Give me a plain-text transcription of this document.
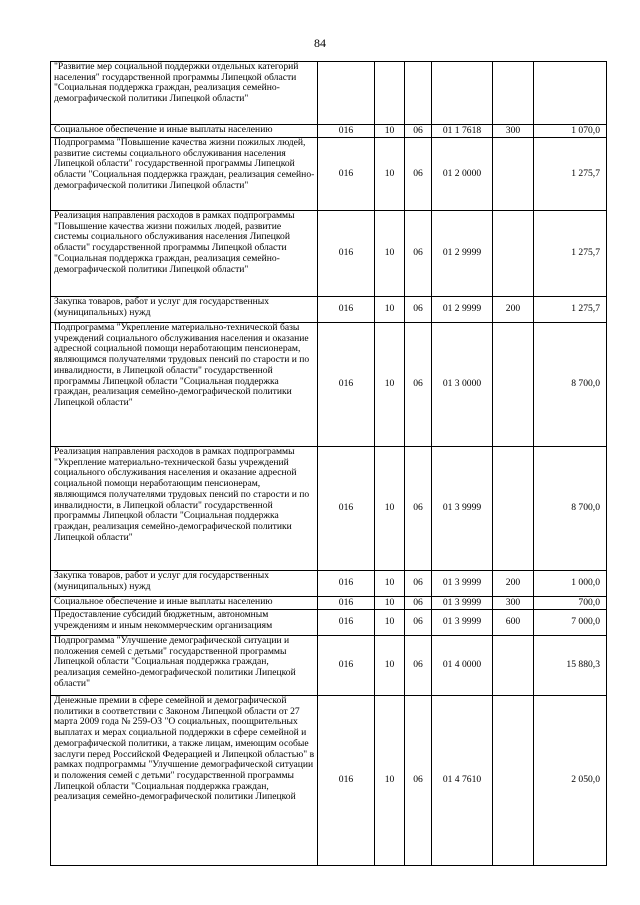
84
"Развитие мер социальной поддержки отдельных категорий населения" государственной программы Липецкой области "Социальная поддержка граждан, реализация семейно-демографической политики Липецкой области"						
Социальное обеспечение и иные выплаты населению	016	10	06	01 1 7618	300	1 070,0
Подпрограмма "Повышение качества жизни пожилых людей, развитие системы социального обслуживания населения Липецкой области" государственной программы Липецкой области "Социальная поддержка граждан, реализация семейно-демографической политики Липецкой области"	016	10	06	01 2 0000		1 275,7
Реализация направления расходов в рамках подпрограммы "Повышение качества жизни пожилых людей, развитие системы социального обслуживания населения Липецкой области" государственной программы Липецкой области "Социальная поддержка граждан, реализация семейно-демографической политики Липецкой области"	016	10	06	01 2 9999		1 275,7
Закупка товаров, работ и услуг для государственных (муниципальных) нужд	016	10	06	01 2 9999	200	1 275,7
Подпрограмма "Укрепление материально-технической базы учреждений социального обслуживания населения и оказание адресной социальной помощи неработающим пенсионерам, являющимся получателями трудовых пенсий по старости и по инвалидности, в Липецкой области" государственной программы Липецкой области "Социальная поддержка граждан, реализация семейно-демографической политики Липецкой области"	016	10	06	01 3 0000		8 700,0
Реализация направления расходов в рамках подпрограммы "Укрепление материально-технической базы учреждений социального обслуживания населения и оказание адресной социальной помощи неработающим пенсионерам, являющимся получателями трудовых пенсий по старости и по инвалидности, в Липецкой области" государственной программы Липецкой области "Социальная поддержка граждан, реализация семейно-демографической политики Липецкой области"	016	10	06	01 3 9999		8 700,0
Закупка товаров, работ и услуг для государственных (муниципальных) нужд	016	10	06	01 3 9999	200	1 000,0
Социальное обеспечение и иные выплаты населению	016	10	06	01 3 9999	300	700,0
Предоставление субсидий бюджетным, автономным учреждениям и иным некоммерческим организациям	016	10	06	01 3 9999	600	7 000,0
Подпрограмма "Улучшение демографической ситуации и положения семей с детьми" государственной программы Липецкой области "Социальная поддержка граждан, реализация семейно-демографической политики Липецкой области"	016	10	06	01 4 0000		15 880,3
Денежные премии в сфере семейной и демографической политики в соответствии с Законом Липецкой области от 27 марта 2009 года № 259-ОЗ "О социальных, поощрительных выплатах и мерах социальной поддержки в сфере семейной и демографической политики, а также лицам, имеющим особые заслуги перед Российской Федерацией и Липецкой областью" в рамках подпрограммы "Улучшение демографической ситуации и положения семей с детьми" государственной программы Липецкой области "Социальная поддержка граждан, реализация семейно-демографической политики Липецкой	016	10	06	01 4 7610		2 050,0
